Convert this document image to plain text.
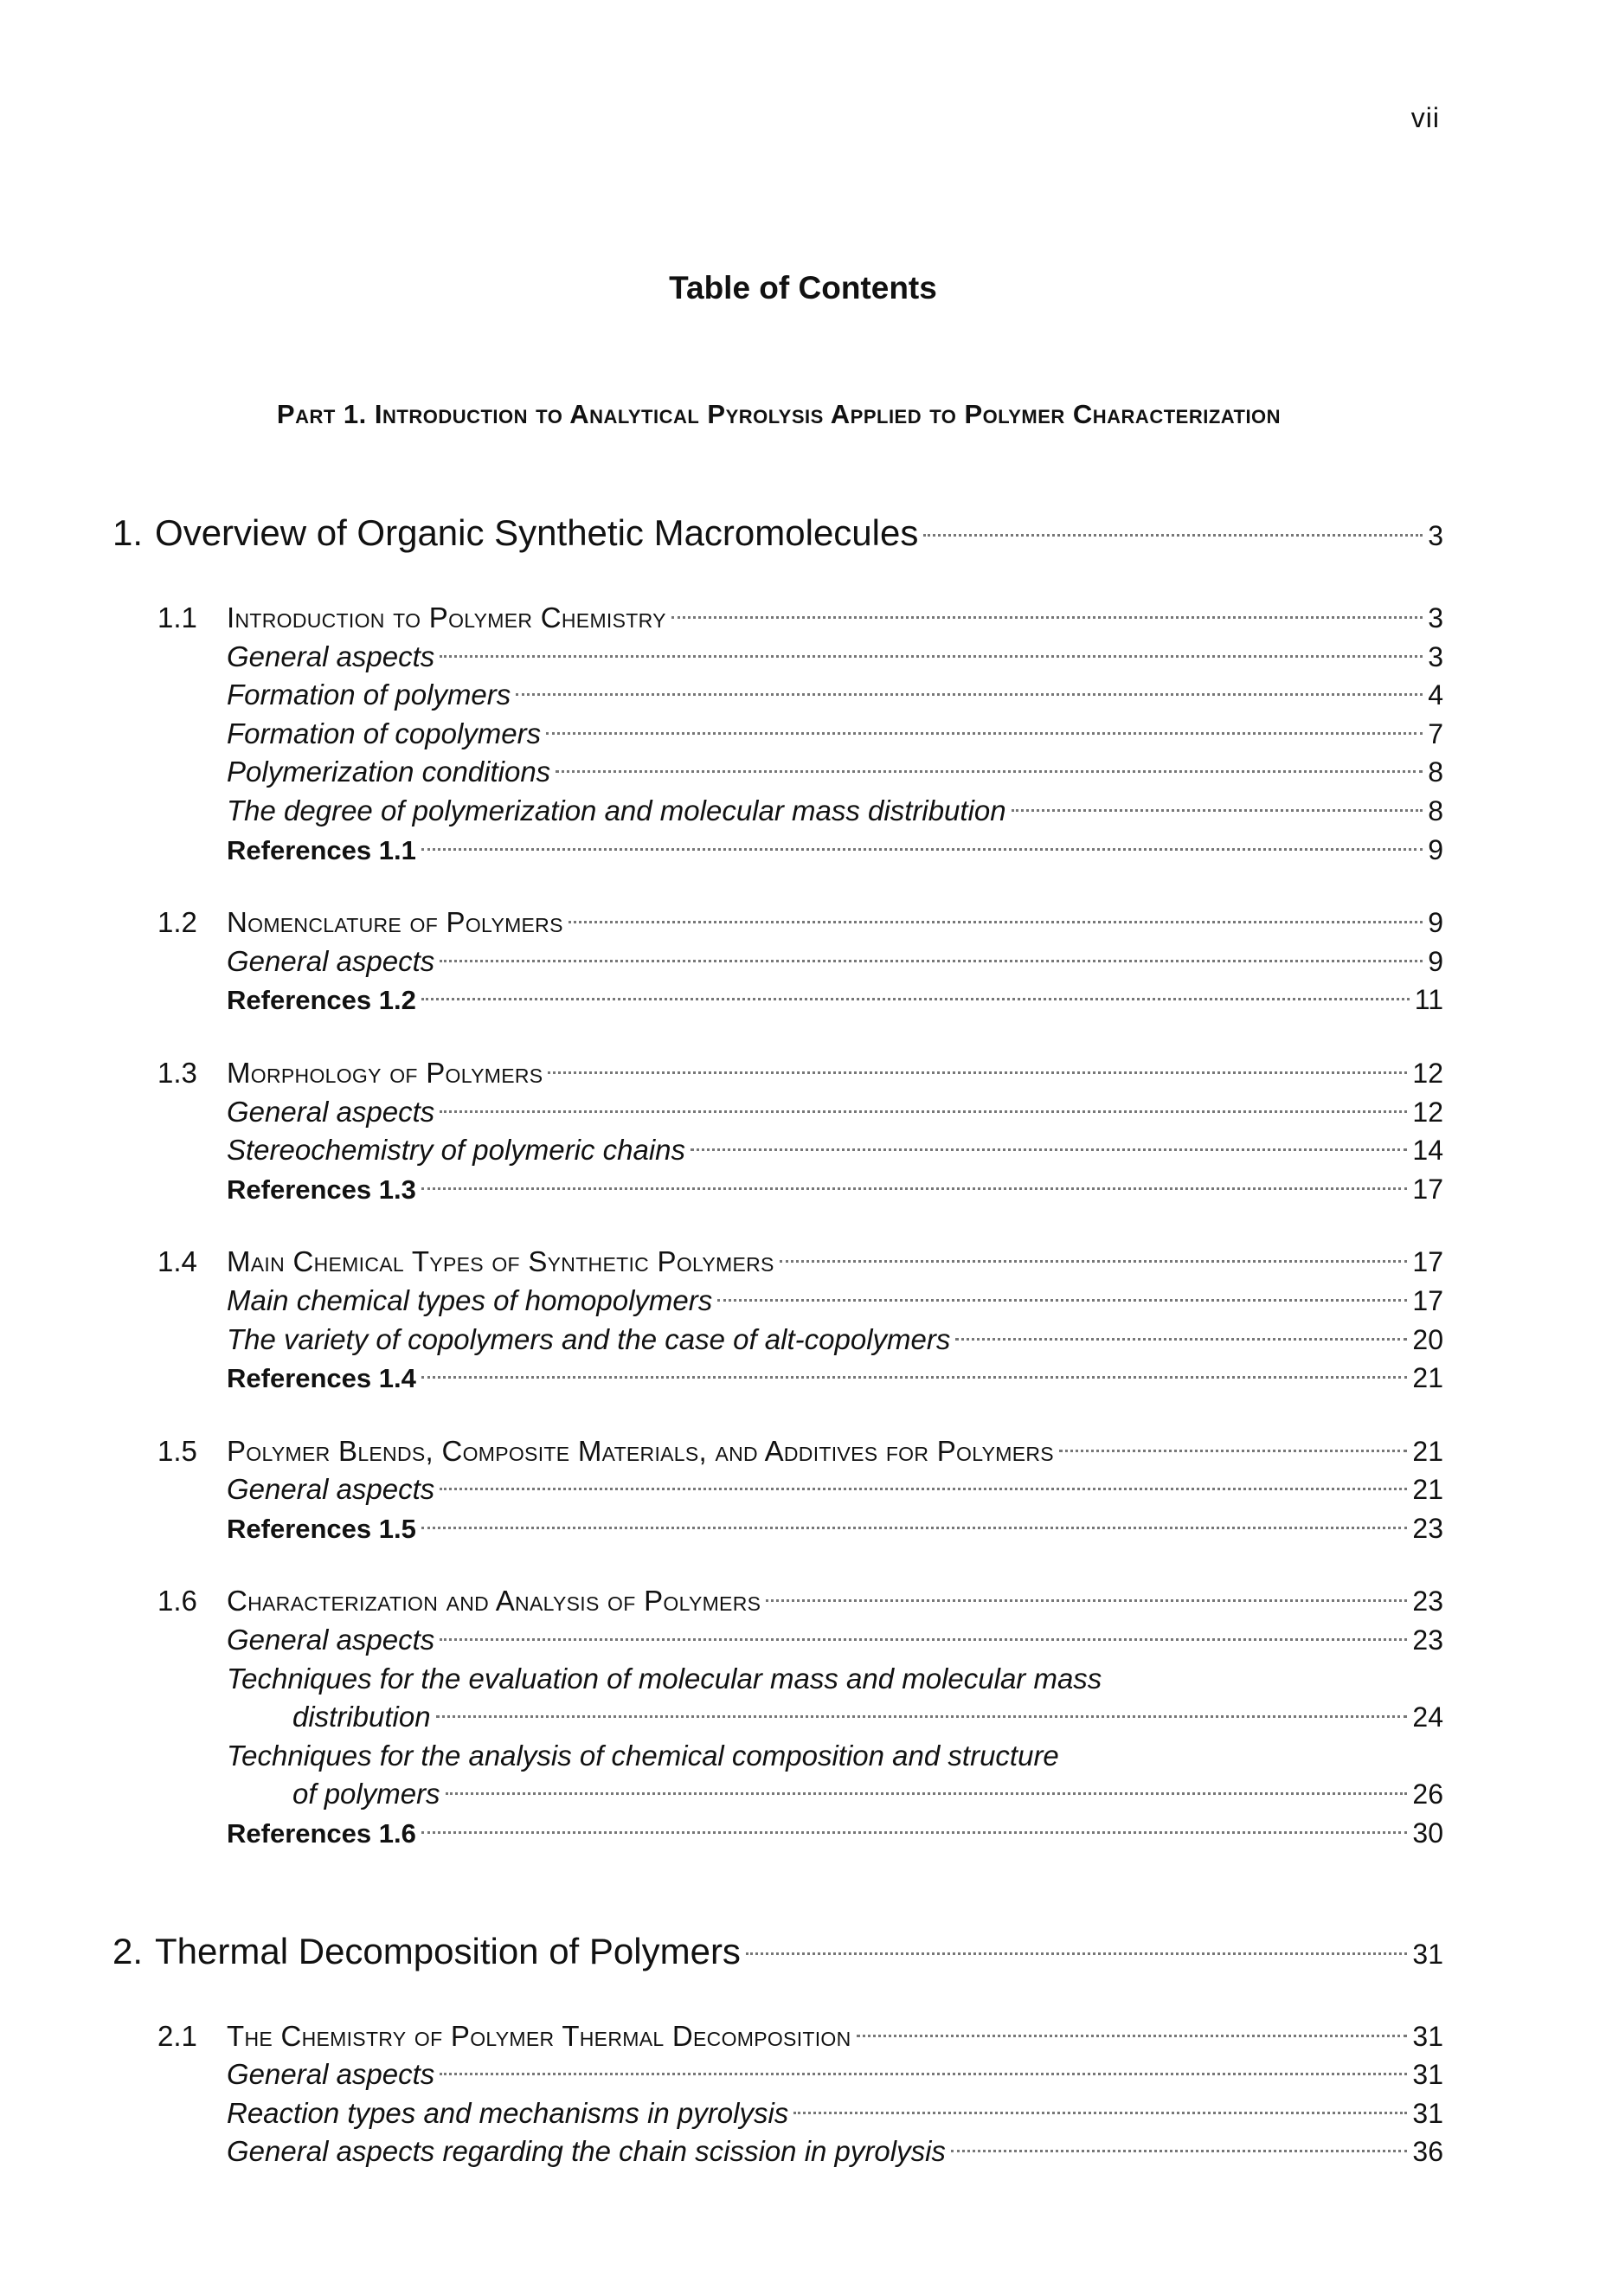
vii
Table of Contents
Part 1. Introduction to Analytical Pyrolysis Applied to Polymer Characterization
1. Overview of Organic Synthetic Macromolecules	3
1.1	Introduction to Polymer Chemistry	3
General aspects	3
Formation of polymers	4
Formation of copolymers	7
Polymerization conditions	8
The degree of polymerization and molecular mass distribution	8
References 1.1	9
1.2	Nomenclature of Polymers	9
General aspects	9
References 1.2	11
1.3	Morphology of Polymers	12
General aspects	12
Stereochemistry of polymeric chains	14
References 1.3	17
1.4	Main Chemical Types of Synthetic Polymers	17
Main chemical types of homopolymers	17
The variety of copolymers and the case of alt-copolymers	20
References 1.4	21
1.5	Polymer Blends, Composite Materials, and Additives for Polymers	21
General aspects	21
References 1.5	23
1.6	Characterization and Analysis of Polymers	23
General aspects	23
Techniques for the evaluation of molecular mass and molecular mass
distribution	24
Techniques for the analysis of chemical composition and structure
of polymers	26
References 1.6	30
2. Thermal Decomposition of Polymers	31
2.1	The Chemistry of Polymer Thermal Decomposition	31
General aspects	31
Reaction types and mechanisms in pyrolysis	31
General aspects regarding the chain scission in pyrolysis	36
